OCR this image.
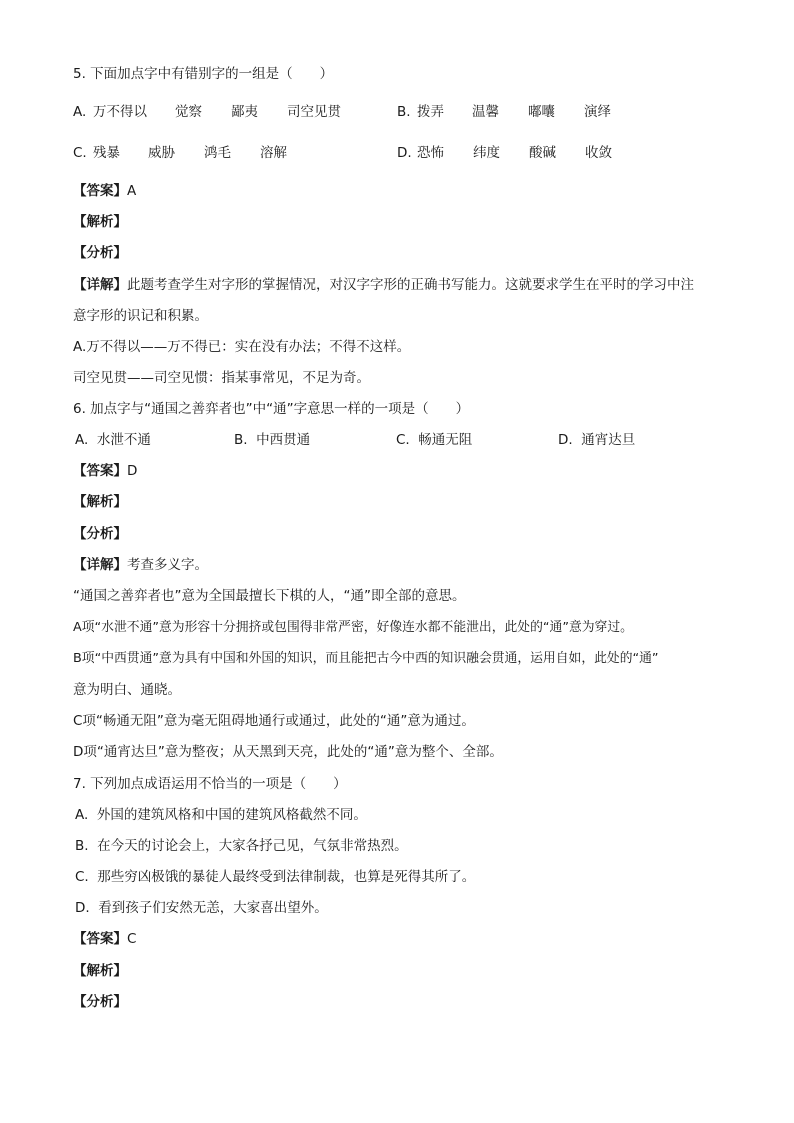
5. 下面加点字中有错别字的一组是（　　）

A. 万不得以 觉察 鄙夷 司空见贯	B. 拨弄 温馨 嘟囔 演绎
C. 残暴 威胁 鸿毛 溶解	D. 恐怖 纬度 酸碱 收敛

【答案】A

【解析】

【分析】

【详解】此题考查学生对字形的掌握情况，对汉字字形的正确书写能力。这就要求学生在平时的学习中注

意字形的识记和积累。

A.万不得以——万不得已：实在没有办法；不得不这样。

司空见贯——司空见惯：指某事常见，不足为奇。

6. 加点字与“通国之善弈者也”中“通”字意思一样的一项是（　　）

A.  水泄不通	B.  中西贯通	C.  畅通无阻	D.  通宵达旦

【答案】D

【解析】

【分析】

【详解】考查多义字。

“通国之善弈者也”意为全国最擅长下棋的人，“通”即全部的意思。

A项“水泄不通”意为形容十分拥挤或包围得非常严密，好像连水都不能泄出，此处的“通”意为穿过。

B项“中西贯通”意为具有中国和外国的知识，而且能把古今中西的知识融会贯通，运用自如，此处的“通”

意为明白、通晓。

C项“畅通无阻”意为毫无阻碍地通行或通过，此处的“通”意为通过。

D项“通宵达旦”意为整夜；从天黑到天亮，此处的“通”意为整个、全部。

7. 下列加点成语运用不恰当的一项是（　　）

A.  外国的建筑风格和中国的建筑风格截然不同。

B.  在今天的讨论会上，大家各抒己见，气氛非常热烈。

C.  那些穷凶极饿的暴徒人最终受到法律制裁，也算是死得其所了。

D.  看到孩子们安然无恙，大家喜出望外。

【答案】C

【解析】

【分析】
